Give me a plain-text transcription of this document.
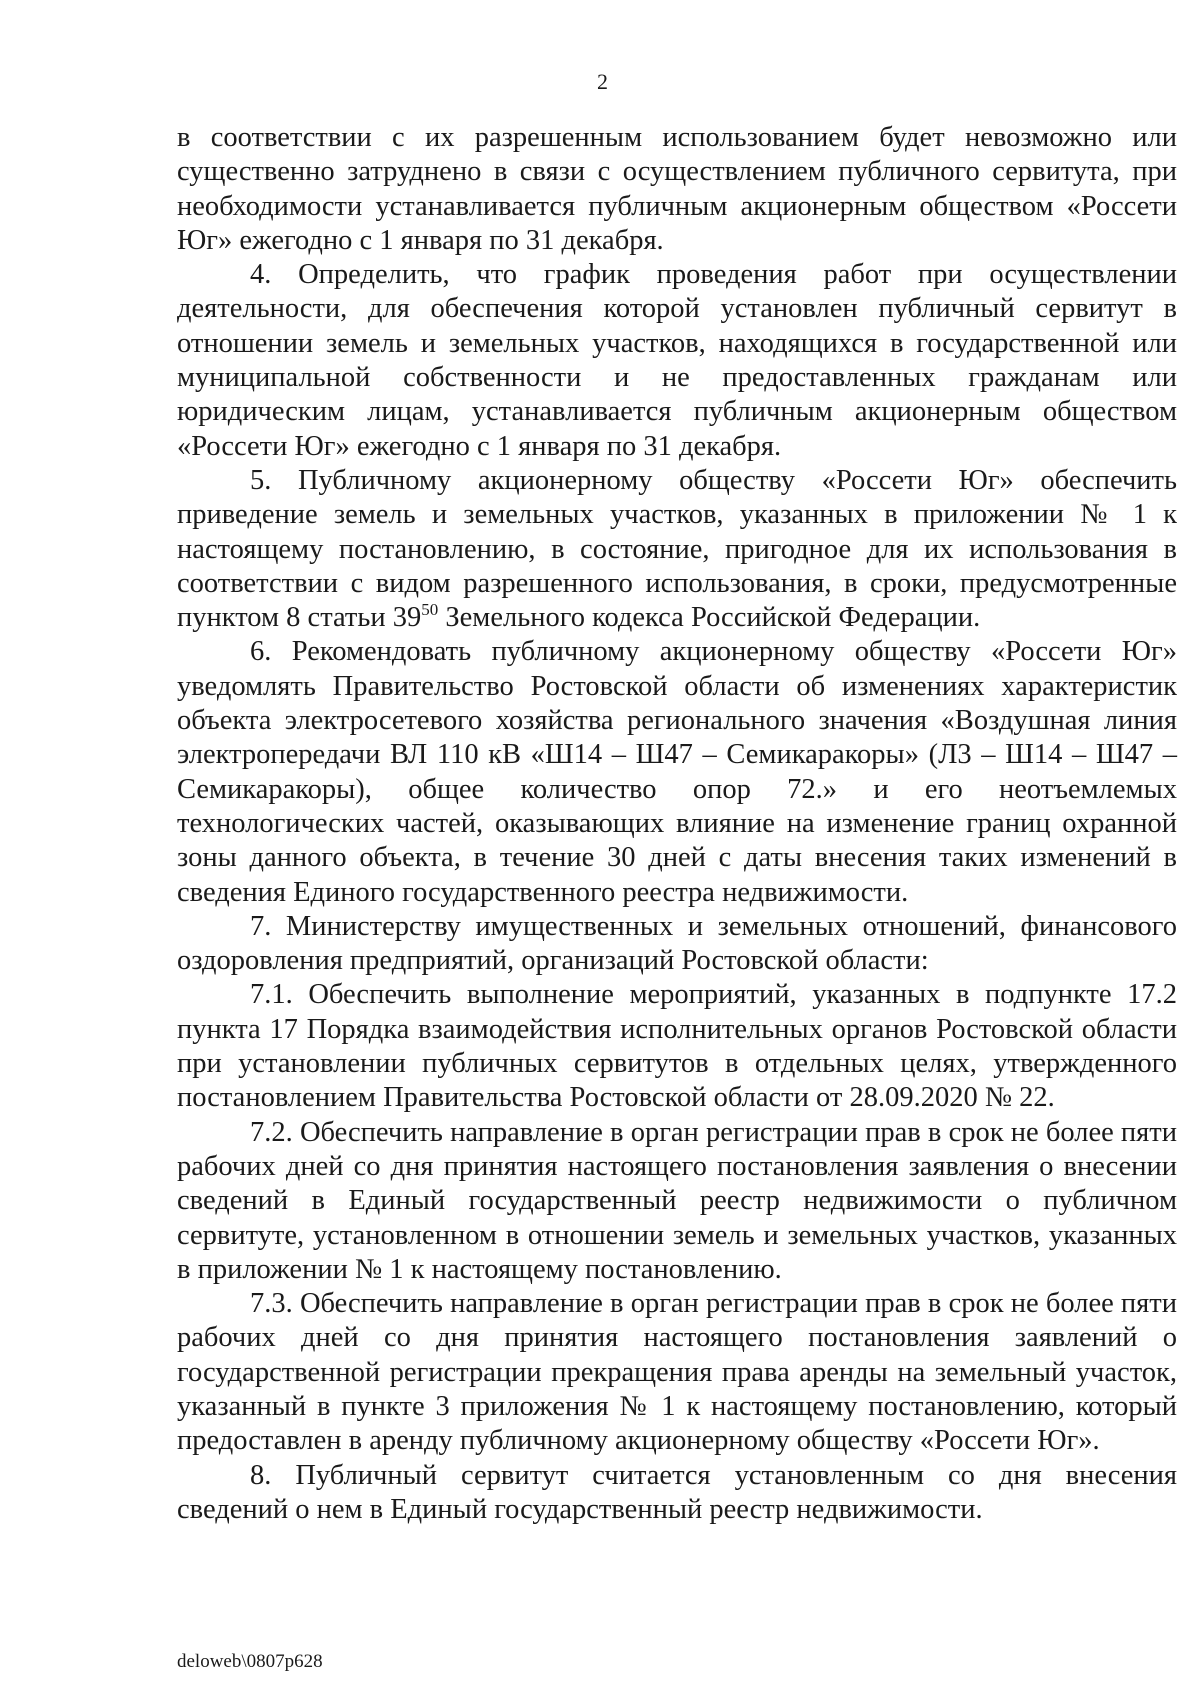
2

в соответствии с их разрешенным использованием будет невозможно или существенно затруднено в связи с осуществлением публичного сервитута, при необходимости устанавливается публичным акционерным обществом «Россети Юг» ежегодно с 1 января по 31 декабря.

4. Определить, что график проведения работ при осуществлении деятельности, для обеспечения которой установлен публичный сервитут в отношении земель и земельных участков, находящихся в государственной или муниципальной собственности и не предоставленных гражданам или юридическим лицам, устанавливается публичным акционерным обществом «Россети Юг» ежегодно с 1 января по 31 декабря.

5. Публичному акционерному обществу «Россети Юг» обеспечить приведение земель и земельных участков, указанных в приложении № 1 к настоящему постановлению, в состояние, пригодное для их использования в соответствии с видом разрешенного использования, в сроки, предусмотренные пунктом 8 статьи $39^{50}$ Земельного кодекса Российской Федерации.

6. Рекомендовать публичному акционерному обществу «Россети Юг» уведомлять Правительство Ростовской области об изменениях характеристик объекта электросетевого хозяйства регионального значения «Воздушная линия электропередачи ВЛ 110 кВ «Ш14 – Ш47 – Семикаракоры» (Л3 – Ш14 – Ш47 – Семикаракоры), общее количество опор 72.» и его неотъемлемых технологических частей, оказывающих влияние на изменение границ охранной зоны данного объекта, в течение 30 дней с даты внесения таких изменений в сведения Единого государственного реестра недвижимости.

7. Министерству имущественных и земельных отношений, финансового оздоровления предприятий, организаций Ростовской области:

7.1. Обеспечить выполнение мероприятий, указанных в подпункте 17.2 пункта 17 Порядка взаимодействия исполнительных органов Ростовской области при установлении публичных сервитутов в отдельных целях, утвержденного постановлением Правительства Ростовской области от 28.09.2020 № 22.

7.2. Обеспечить направление в орган регистрации прав в срок не более пяти рабочих дней со дня принятия настоящего постановления заявления о внесении сведений в Единый государственный реестр недвижимости о публичном сервитуте, установленном в отношении земель и земельных участков, указанных в приложении № 1 к настоящему постановлению.

7.3. Обеспечить направление в орган регистрации прав в срок не более пяти рабочих дней со дня принятия настоящего постановления заявлений о государственной регистрации прекращения права аренды на земельный участок, указанный в пункте 3 приложения № 1 к настоящему постановлению, который предоставлен в аренду публичному акционерному обществу «Россети Юг».

8. Публичный сервитут считается установленным со дня внесения сведений о нем в Единый государственный реестр недвижимости.

deloweb\0807p628
